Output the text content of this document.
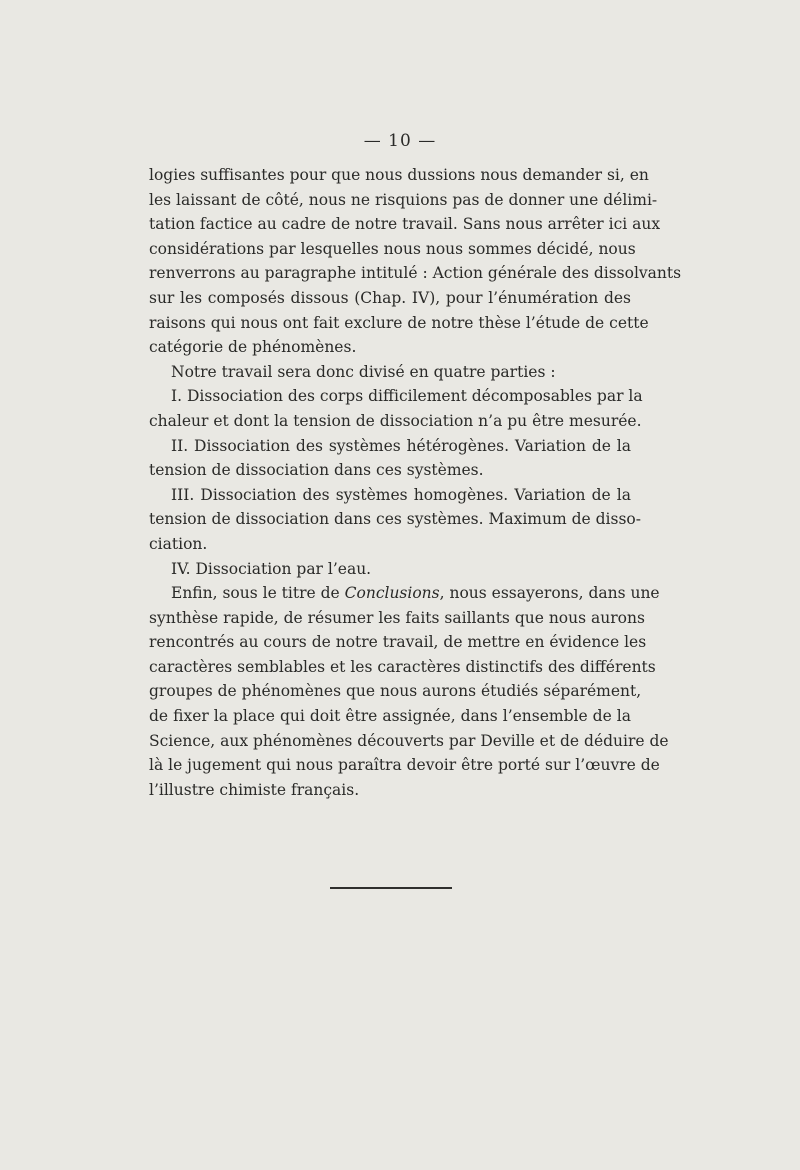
— 10 —
logies suffisantes pour que nous dussions nous demander si, en
les laissant de côté, nous ne risquions pas de donner une délimi-
tation factice au cadre de notre travail. Sans nous arrêter ici aux
considérations par lesquelles nous nous sommes décidé, nous
renverrons au paragraphe intitulé : Action générale des dissolvants
sur les composés dissous (Chap. IV), pour l’énumération des
raisons qui nous ont fait exclure de notre thèse l’étude de cette
catégorie de phénomènes.
Notre travail sera donc divisé en quatre parties :
I. Dissociation des corps difficilement décomposables par la
chaleur et dont la tension de dissociation n’a pu être mesurée.
II. Dissociation des systèmes hétérogènes. Variation de la
tension de dissociation dans ces systèmes.
III. Dissociation des systèmes homogènes. Variation de la
tension de dissociation dans ces systèmes. Maximum de disso-
ciation.
IV. Dissociation par l’eau.
Enfin, sous le titre de Conclusions, nous essayerons, dans une
synthèse rapide, de résumer les faits saillants que nous aurons
rencontrés au cours de notre travail, de mettre en évidence les
caractères semblables et les caractères distinctifs des différents
groupes de phénomènes que nous aurons étudiés séparément,
de fixer la place qui doit être assignée, dans l’ensemble de la
Science, aux phénomènes découverts par Deville et de déduire de
là le jugement qui nous paraîtra devoir être porté sur l’œuvre de
l’illustre chimiste français.
